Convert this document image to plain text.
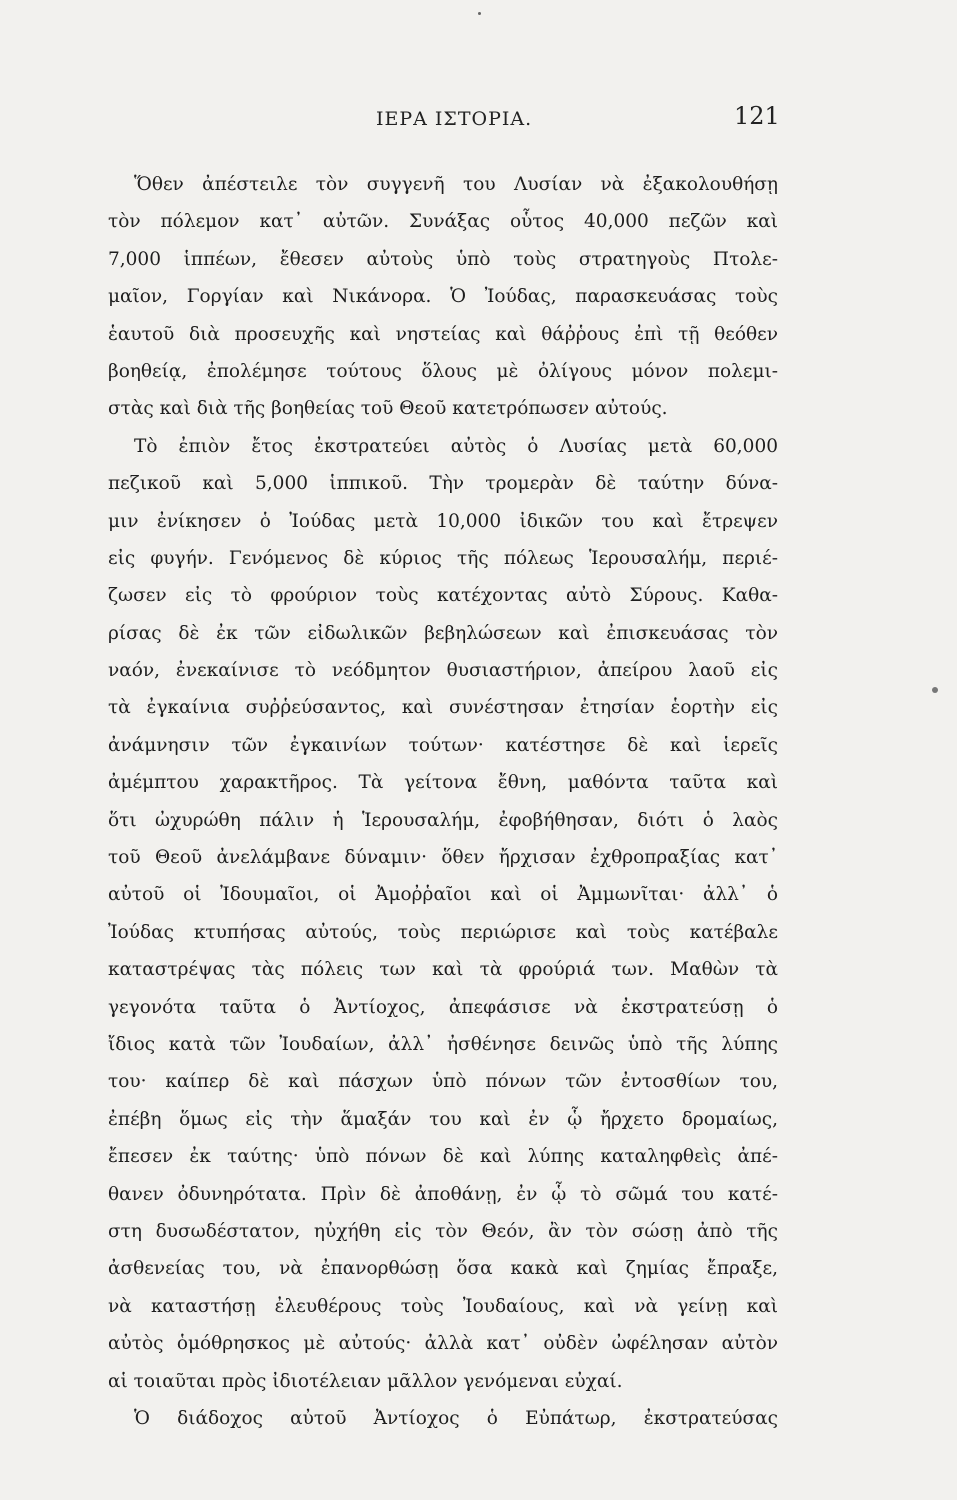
ΙΕΡΑ ΙΣΤΟΡΙΑ.	121
Ὅθεν ἀπέστειλε τὸν συγγενῆ του Λυσίαν νὰ ἐξακολουθήσῃ
τὸν πόλεμον κατ᾽ αὐτῶν. Συνάξας οὗτος 40,000 πεζῶν καὶ
7,000 ἱππέων, ἔθεσεν αὐτοὺς ὑπὸ τοὺς στρατηγοὺς Πτολε-
μαῖον, Γοργίαν καὶ Νικάνορα. Ὁ Ἰούδας, παρασκευάσας τοὺς
ἑαυτοῦ διὰ προσευχῆς καὶ νηστείας καὶ θάῤῥους ἐπὶ τῇ θεόθεν
βοηθείᾳ, ἐπολέμησε τούτους ὅλους μὲ ὀλίγους μόνον πολεμι-
στὰς καὶ διὰ τῆς βοηθείας τοῦ Θεοῦ κατετρόπωσεν αὐτούς.
Τὸ ἐπιὸν ἔτος ἐκστρατεύει αὐτὸς ὁ Λυσίας μετὰ 60,000
πεζικοῦ καὶ 5,000 ἱππικοῦ. Τὴν τρομερὰν δὲ ταύτην δύνα-
μιν ἐνίκησεν ὁ Ἰούδας μετὰ 10,000 ἰδικῶν του καὶ ἔτρεψεν
εἰς φυγήν. Γενόμενος δὲ κύριος τῆς πόλεως Ἱερουσαλήμ, περιέ-
ζωσεν εἰς τὸ φρούριον τοὺς κατέχοντας αὐτὸ Σύρους. Καθα-
ρίσας δὲ ἐκ τῶν εἰδωλικῶν βεβηλώσεων καὶ ἐπισκευάσας τὸν
ναόν, ἐνεκαίνισε τὸ νεόδμητον θυσιαστήριον, ἀπείρου λαοῦ εἰς
τὰ ἐγκαίνια συῤῥεύσαντος, καὶ συνέστησαν ἐτησίαν ἑορτὴν εἰς
ἀνάμνησιν τῶν ἐγκαινίων τούτων· κατέστησε δὲ καὶ ἱερεῖς
ἀμέμπτου χαρακτῆρος. Τὰ γείτονα ἔθνη, μαθόντα ταῦτα καὶ
ὅτι ὠχυρώθη πάλιν ἡ Ἱερουσαλήμ, ἐφοβήθησαν, διότι ὁ λαὸς
τοῦ Θεοῦ ἀνελάμβανε δύναμιν· ὅθεν ἤρχισαν ἐχθροπραξίας κατ᾽
αὐτοῦ οἱ Ἰδουμαῖοι, οἱ Ἀμοῤῥαῖοι καὶ οἱ Ἀμμωνῖται· ἀλλ᾽ ὁ
Ἰούδας κτυπήσας αὐτούς, τοὺς περιώρισε καὶ τοὺς κατέβαλε
καταστρέψας τὰς πόλεις των καὶ τὰ φρούριά των. Μαθὼν τὰ
γεγονότα ταῦτα ὁ Ἀντίοχος, ἀπεφάσισε νὰ ἐκστρατεύσῃ ὁ
ἴδιος κατὰ τῶν Ἰουδαίων, ἀλλ᾽ ἠσθένησε δεινῶς ὑπὸ τῆς λύπης
του· καίπερ δὲ καὶ πάσχων ὑπὸ πόνων τῶν ἐντοσθίων του,
ἐπέβη ὅμως εἰς τὴν ἅμαξάν του καὶ ἐν ᾧ ἤρχετο δρομαίως,
ἔπεσεν ἐκ ταύτης· ὑπὸ πόνων δὲ καὶ λύπης καταληφθεὶς ἀπέ-
θανεν ὀδυνηρότατα. Πρὶν δὲ ἀποθάνῃ, ἐν ᾧ τὸ σῶμά του κατέ-
στη δυσωδέστατον, ηὐχήθη εἰς τὸν Θεόν, ἂν τὸν σώσῃ ἀπὸ τῆς
ἀσθενείας του, νὰ ἐπανορθώσῃ ὅσα κακὰ καὶ ζημίας ἔπραξε,
νὰ καταστήσῃ ἐλευθέρους τοὺς Ἰουδαίους, καὶ νὰ γείνῃ καὶ
αὐτὸς ὁμόθρησκος μὲ αὐτούς· ἀλλὰ κατ᾽ οὐδὲν ὠφέλησαν αὐτὸν
αἱ τοιαῦται πρὸς ἰδιοτέλειαν μᾶλλον γενόμεναι εὐχαί.
Ὁ διάδοχος αὐτοῦ Ἀντίοχος ὁ Εὐπάτωρ, ἐκστρατεύσας
